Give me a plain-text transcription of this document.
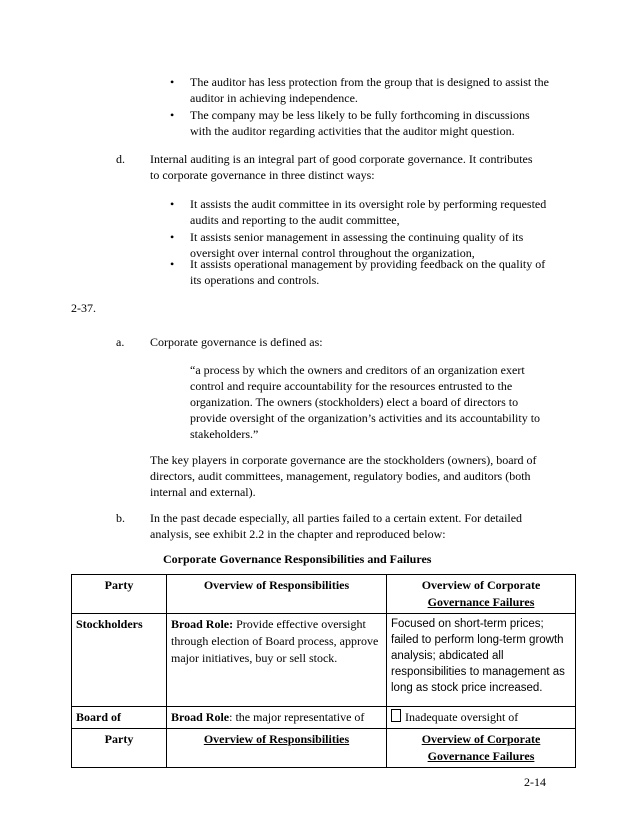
• The auditor has less protection from the group that is designed to assist the
auditor in achieving independence.
• The company may be less likely to be fully forthcoming in discussions
with the auditor regarding activities that the auditor might question.
d. Internal auditing is an integral part of good corporate governance. It contributes
to corporate governance in three distinct ways:
• It assists the audit committee in its oversight role by performing requested
audits and reporting to the audit committee,
• It assists senior management in assessing the continuing quality of its
oversight over internal control throughout the organization,
• It assists operational management by providing feedback on the quality of
its operations and controls.
2-37.
a. Corporate governance is defined as:
“a process by which the owners and creditors of an organization exert
control and require accountability for the resources entrusted to the
organization. The owners (stockholders) elect a board of directors to
provide oversight of the organization’s activities and its accountability to
stakeholders.”
The key players in corporate governance are the stockholders (owners), board of
directors, audit committees, management, regulatory bodies, and auditors (both
internal and external).
b. In the past decade especially, all parties failed to a certain extent. For detailed
analysis, see exhibit 2.2 in the chapter and reproduced below:
Corporate Governance Responsibilities and Failures
Party	Overview of Responsibilities	Overview of Corporate
Governance Failures

Stockholders	Broad Role: Provide effective oversight through election of Board process, approve major initiatives, buy or sell stock.	Focused on short-term prices; failed to perform long-term growth analysis; abdicated all responsibilities to management as long as stock price increased.
Board of	Broad Role: the major representative of	Inadequate oversight of
Party	Overview of Responsibilities	Overview of Corporate
Governance Failures
2-14
